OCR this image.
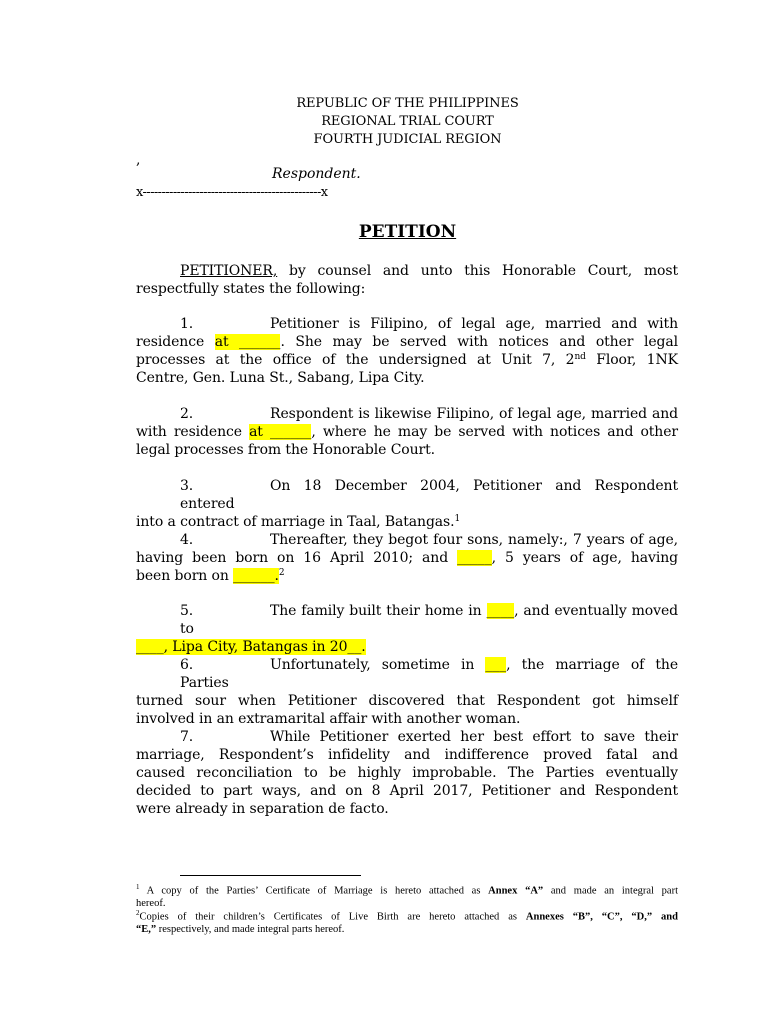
REPUBLIC OF THE PHILIPPINES
REGIONAL TRIAL COURT
FOURTH JUDICIAL REGION
,
Respondent.
x-----------------------------------------------x
PETITION
PETITIONER, by counsel and unto this Honorable Court, most
respectfully states the following:
1.	Petitioner is Filipino, of legal age, married and with
residence at ______. She may be served with notices and other legal
processes at the office of the undersigned at Unit 7, 2nd Floor, 1NK
Centre, Gen. Luna St., Sabang, Lipa City.
2.	Respondent is likewise Filipino, of legal age, married and
with residence at ______, where he may be served with notices and other
legal processes from the Honorable Court.
3.	On 18 December 2004, Petitioner and Respondent entered
into a contract of marriage in Taal, Batangas.$^1$
4.	Thereafter, they begot four sons, namely:, 7 years of age,
having been born on 16 April 2010; and _____, 5 years of age, having
been born on ______.$^2$
5.	The family built their home in ____, and eventually moved to
____, Lipa City, Batangas in 20__.
6.	Unfortunately, sometime in ___, the marriage of the Parties
turned sour when Petitioner discovered that Respondent got himself
involved in an extramarital affair with another woman.
7.	While Petitioner exerted her best effort to save their
marriage, Respondent’s infidelity and indifference proved fatal and
caused reconciliation to be highly improbable. The Parties eventually
decided to part ways, and on 8 April 2017, Petitioner and Respondent
were already in separation de facto.
$^1$ A copy of the Parties’ Certificate of Marriage is hereto attached as Annex “A” and made an integral part
hereof.
$^2$Copies of their children’s Certificates of Live Birth are hereto attached as Annexes “B”, “C”, “D,” and
“E,” respectively, and made integral parts hereof.
